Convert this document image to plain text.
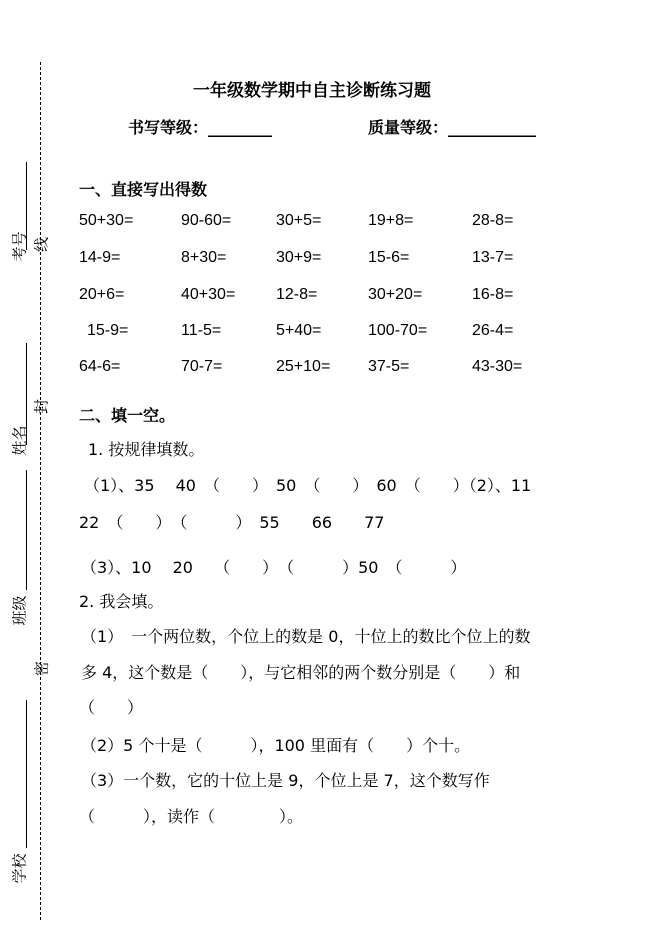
考号 线
姓名
封
班级
密
学校
一年级数学期中自主诊断练习题
书写等级：________	质量等级：___________
一、直接写出得数
50+30=	90-60=	30+5=	19+8=	28-8=
14-9=	8+30=	30+9=	15-6=	13-7=
20+6=	40+30=	12-8=	30+20=	16-8=
15-9=	11-5=	5+40=	100-70=	26-4=
64-6=	70-7=	25+10= 37-5=	43-30=
二、填一空。
1. 按规律填数。
（1）、35　 40　（　　）　50　（　　）　60　（　　）（2）、11
22　（　　）　（　　　）　55　　66　　77
（3）、10　 20　 （　　）　（　　　）50　（　　　）
2. 我会填。
（1）　一个两位数，个位上的数是 0，十位上的数比个位上的数
多 4，这个数是（　　），与它相邻的两个数分别是（　　）和
（　　）
（2）5 个十是（　　　），100 里面有（　　）个十。
（3）一个数，它的十位上是 9，个位上是 7，这个数写作
（　　　），读作（　　　　）。
